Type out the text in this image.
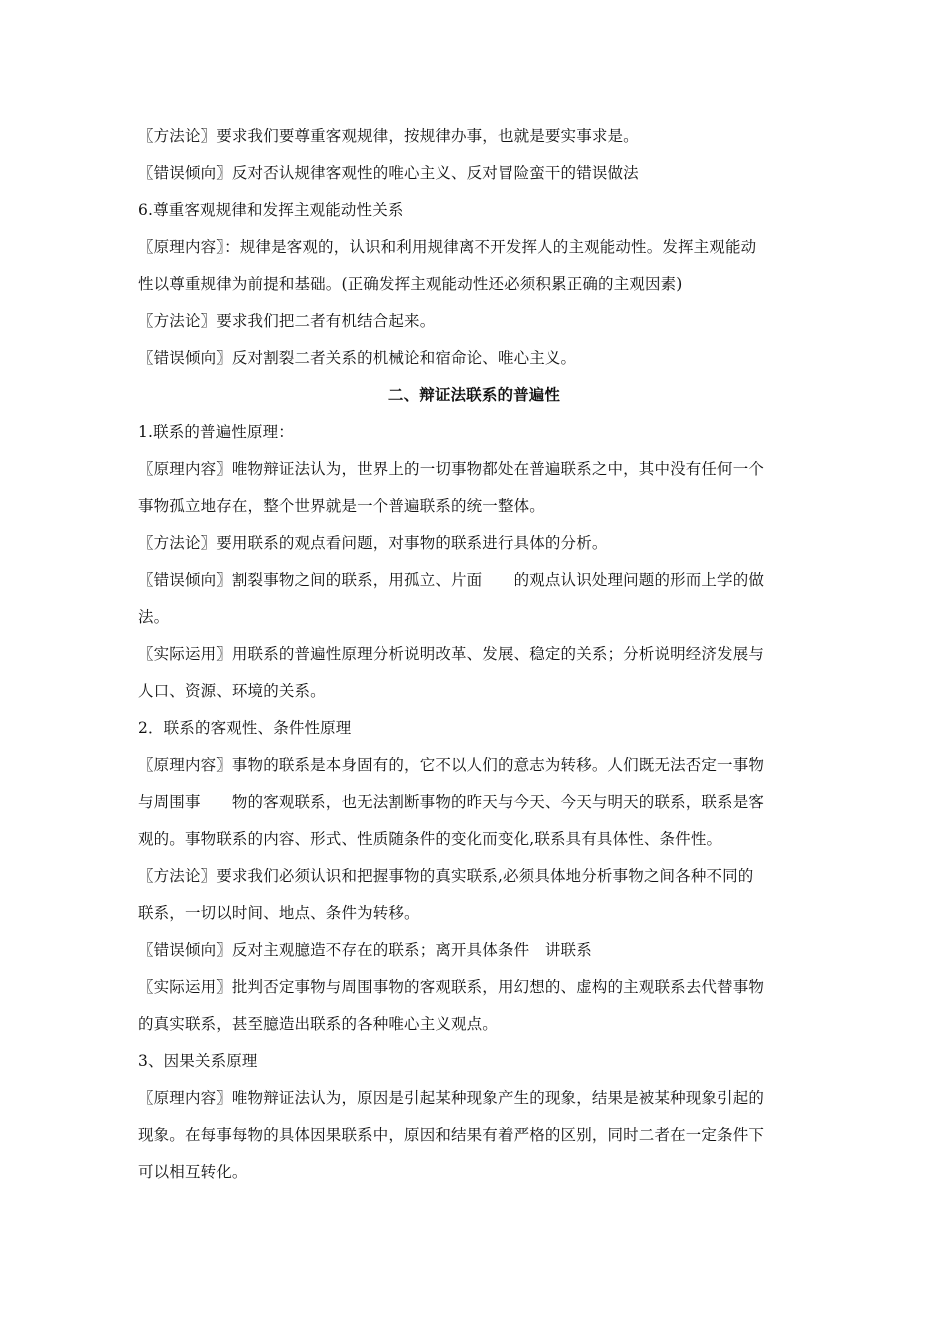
〖方法论〗要求我们要尊重客观规律，按规律办事，也就是要实事求是。
〖错误倾向〗反对否认规律客观性的唯心主义、反对冒险蛮干的错误做法
6.尊重客观规律和发挥主观能动性关系
〖原理内容〗：规律是客观的，认识和利用规律离不开发挥人的主观能动性。发挥主观能动
性以尊重规律为前提和基础。(正确发挥主观能动性还必须积累正确的主观因素)
〖方法论〗要求我们把二者有机结合起来。
〖错误倾向〗反对割裂二者关系的机械论和宿命论、唯心主义。
二、辩证法联系的普遍性
1.联系的普遍性原理：
〖原理内容〗唯物辩证法认为，世界上的一切事物都处在普遍联系之中，其中没有任何一个
事物孤立地存在，整个世界就是一个普遍联系的统一整体。
〖方法论〗要用联系的观点看问题，对事物的联系进行具体的分析。
〖错误倾向〗割裂事物之间的联系，用孤立、片面　　的观点认识处理问题的形而上学的做
法。
〖实际运用〗用联系的普遍性原理分析说明改革、发展、稳定的关系；分析说明经济发展与
人口、资源、环境的关系。
2．联系的客观性、条件性原理
〖原理内容〗事物的联系是本身固有的，它不以人们的意志为转移。人们既无法否定一事物
与周围事　　物的客观联系，也无法割断事物的昨天与今天、今天与明天的联系，联系是客
观的。事物联系的内容、形式、性质随条件的变化而变化,联系具有具体性、条件性。
〖方法论〗要求我们必须认识和把握事物的真实联系,必须具体地分析事物之间各种不同的
联系，一切以时间、地点、条件为转移。
〖错误倾向〗反对主观臆造不存在的联系；离开具体条件　讲联系
〖实际运用〗批判否定事物与周围事物的客观联系，用幻想的、虚构的主观联系去代替事物
的真实联系，甚至臆造出联系的各种唯心主义观点。
3、因果关系原理
〖原理内容〗唯物辩证法认为，原因是引起某种现象产生的现象，结果是被某种现象引起的
现象。在每事每物的具体因果联系中，原因和结果有着严格的区别，同时二者在一定条件下
可以相互转化。
